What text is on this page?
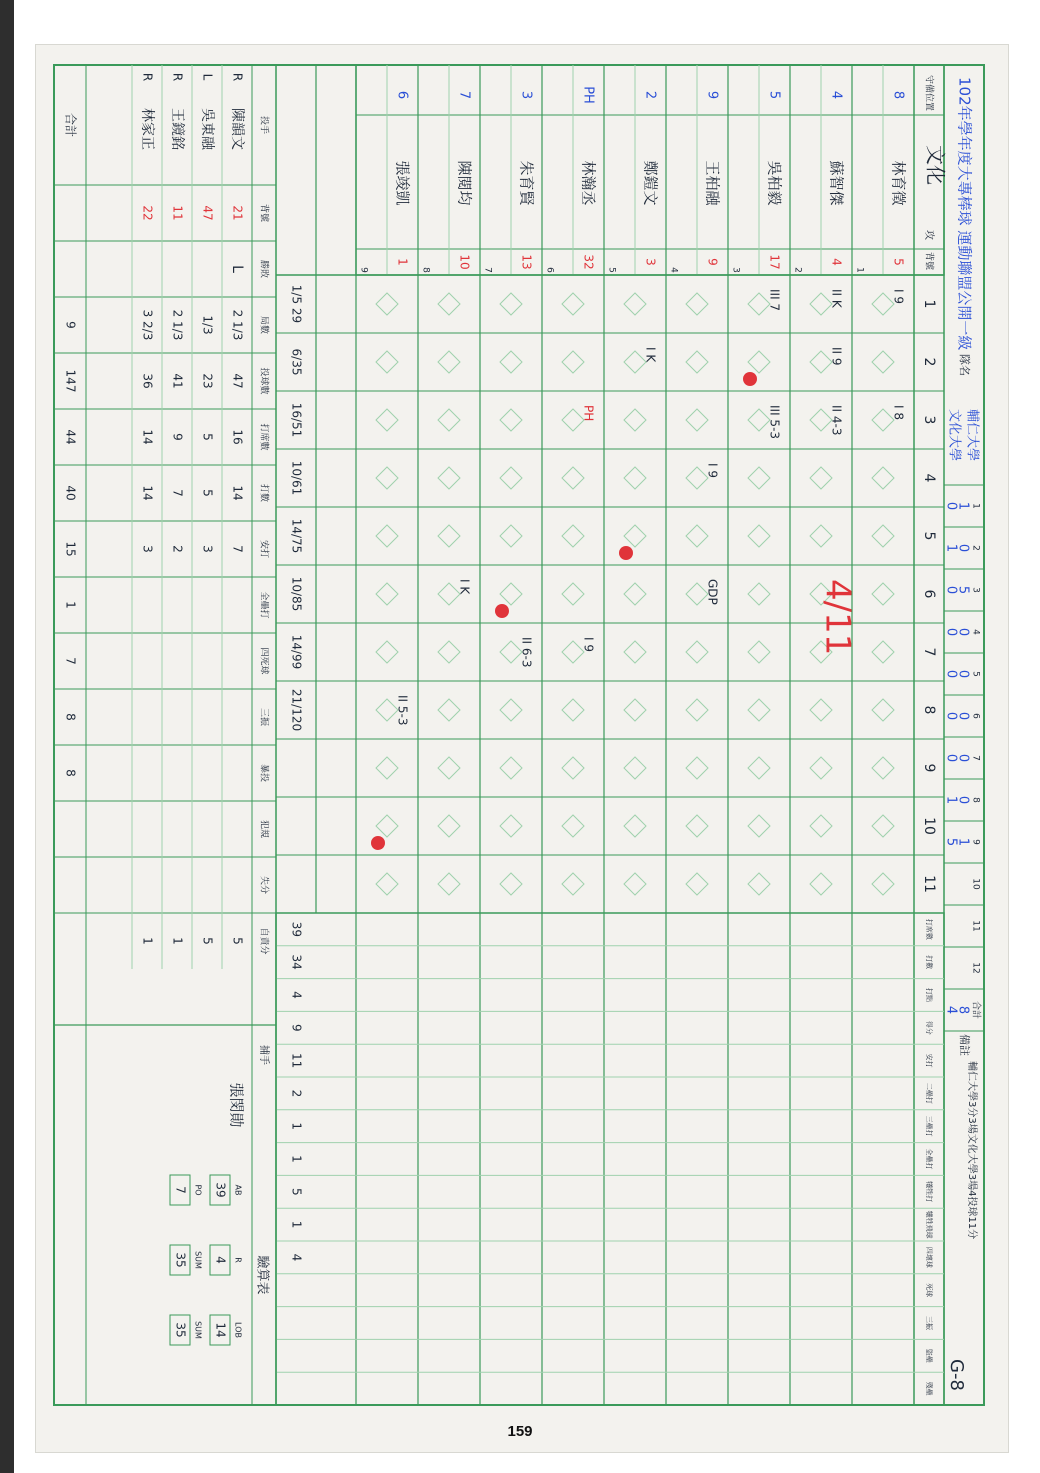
102年學年度大專棒球 運動聯盟公開一級
隊名
輔仁大學
文化大學
1
1
0
2
0
1
3
5
0
4
0
0
5
0
0
6
0
0
7
0
0
8
0
1
9
1
5
10
11
12
合計
8
4
備註
輔仁大學3分3場文化大學3場4投球11分
G-8
守備位置
文化
攻
背號
8
林育徵
5
1
4
蘇智傑
4
2
5
吳柏毅
17
3
9
王柏融
9
4
2
鄭鎧文
3
5
PH
林瀚丞
32
6
3
朱育賢
13
7
7
陳閱均
10
8
6
張竣凱
1
9
1
2
3
4
5
6
7
8
9
10
11
I 9
II K
III 7
I 8
II 4-3
I 9
I K	II 9
III 5-3
GDP
I 9
II 6-3
I K
II 5-3
PH
4/11
1/5 29
6/35
16/51
10/61
14/75
10/85
14/99
21/120
打席數
打數
打點
得分
安打
二壘打
三壘打
全壘打
犧牲打
犧牲飛球
四壞球
死球
三振
盜壘
殘壘
39
34
4
9
11
2
1
1
5
1
4
投手
背號
勝敗
局數
投球數
打席數
打數
安打
全壘打
四死球
三振
暴投
犯規
失分
自責分
R
陳韻文
21
L
2 1/3
47
16
14
7
5
L
吳東融
47
1/3
23
5
5
3
5
R
王鏡銘
11
2 1/3
41
9
7
2
1
R
林家正
22
3 2/3
36
14
14
3
1
合計
9
147
44
40
15
1
7
8
8
捕手
張閔勛
驗算表
AB
39
R
4
LOB
14
PO
7
SUM
35
SUM
35
159
